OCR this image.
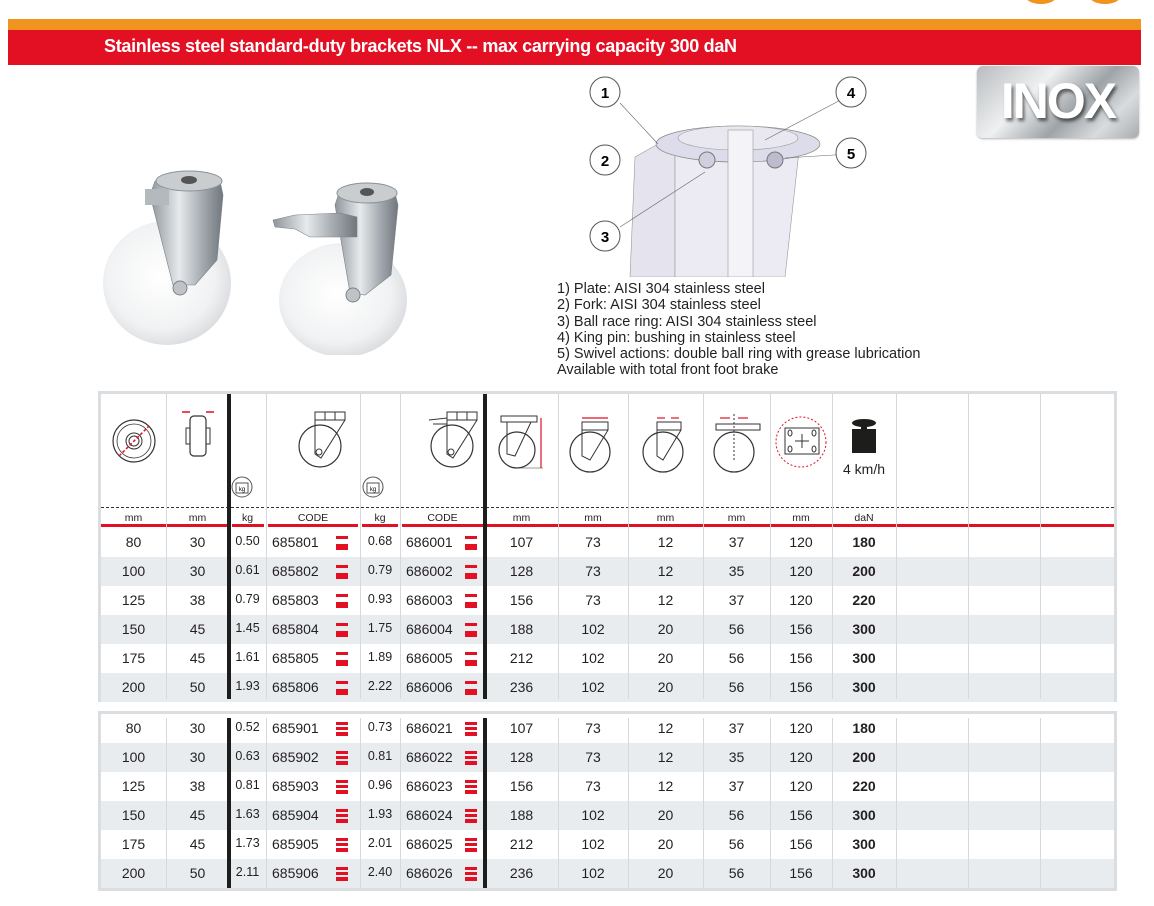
Stainless steel standard-duty brackets NLX -- max carrying capacity 300 daN
INOX
1
2
3
4
5
1) Plate: AISI 304 stainless steel
2) Fork: AISI 304 stainless steel
3) Ball race ring: AISI 304 stainless steel
4) King pin: bushing in stainless steel
5) Swivel actions: double ball ring with grease lubrication
Available with total front foot brake
kg	kg
4 km/h
mm	mm	kg	CODE	kg	CODE	mm	mm	mm	mm	mm	daN
80	30	0.50 685801	0.68 686001	107	73	12	37	120	180
100	30	0.61 685802	0.79 686002	128	73	12	35	120	200
125	38	0.79 685803	0.93 686003	156	73	12	37	120	220
150	45	1.45 685804	1.75 686004	188	102	20	56	156	300
175	45	1.61 685805	1.89 686005	212	102	20	56	156	300
200	50	1.93 685806	2.22 686006	236	102	20	56	156	300
80	30	0.52 685901	0.73 686021	107	73	12	37	120	180
100	30	0.63 685902	0.81 686022	128	73	12	35	120	200
125	38	0.81 685903	0.96 686023	156	73	12	37	120	220
150	45	1.63 685904	1.93 686024	188	102	20	56	156	300
175	45	1.73 685905	2.01 686025	212	102	20	56	156	300
200	50	2.11 685906	2.40 686026	236	102	20	56	156	300
